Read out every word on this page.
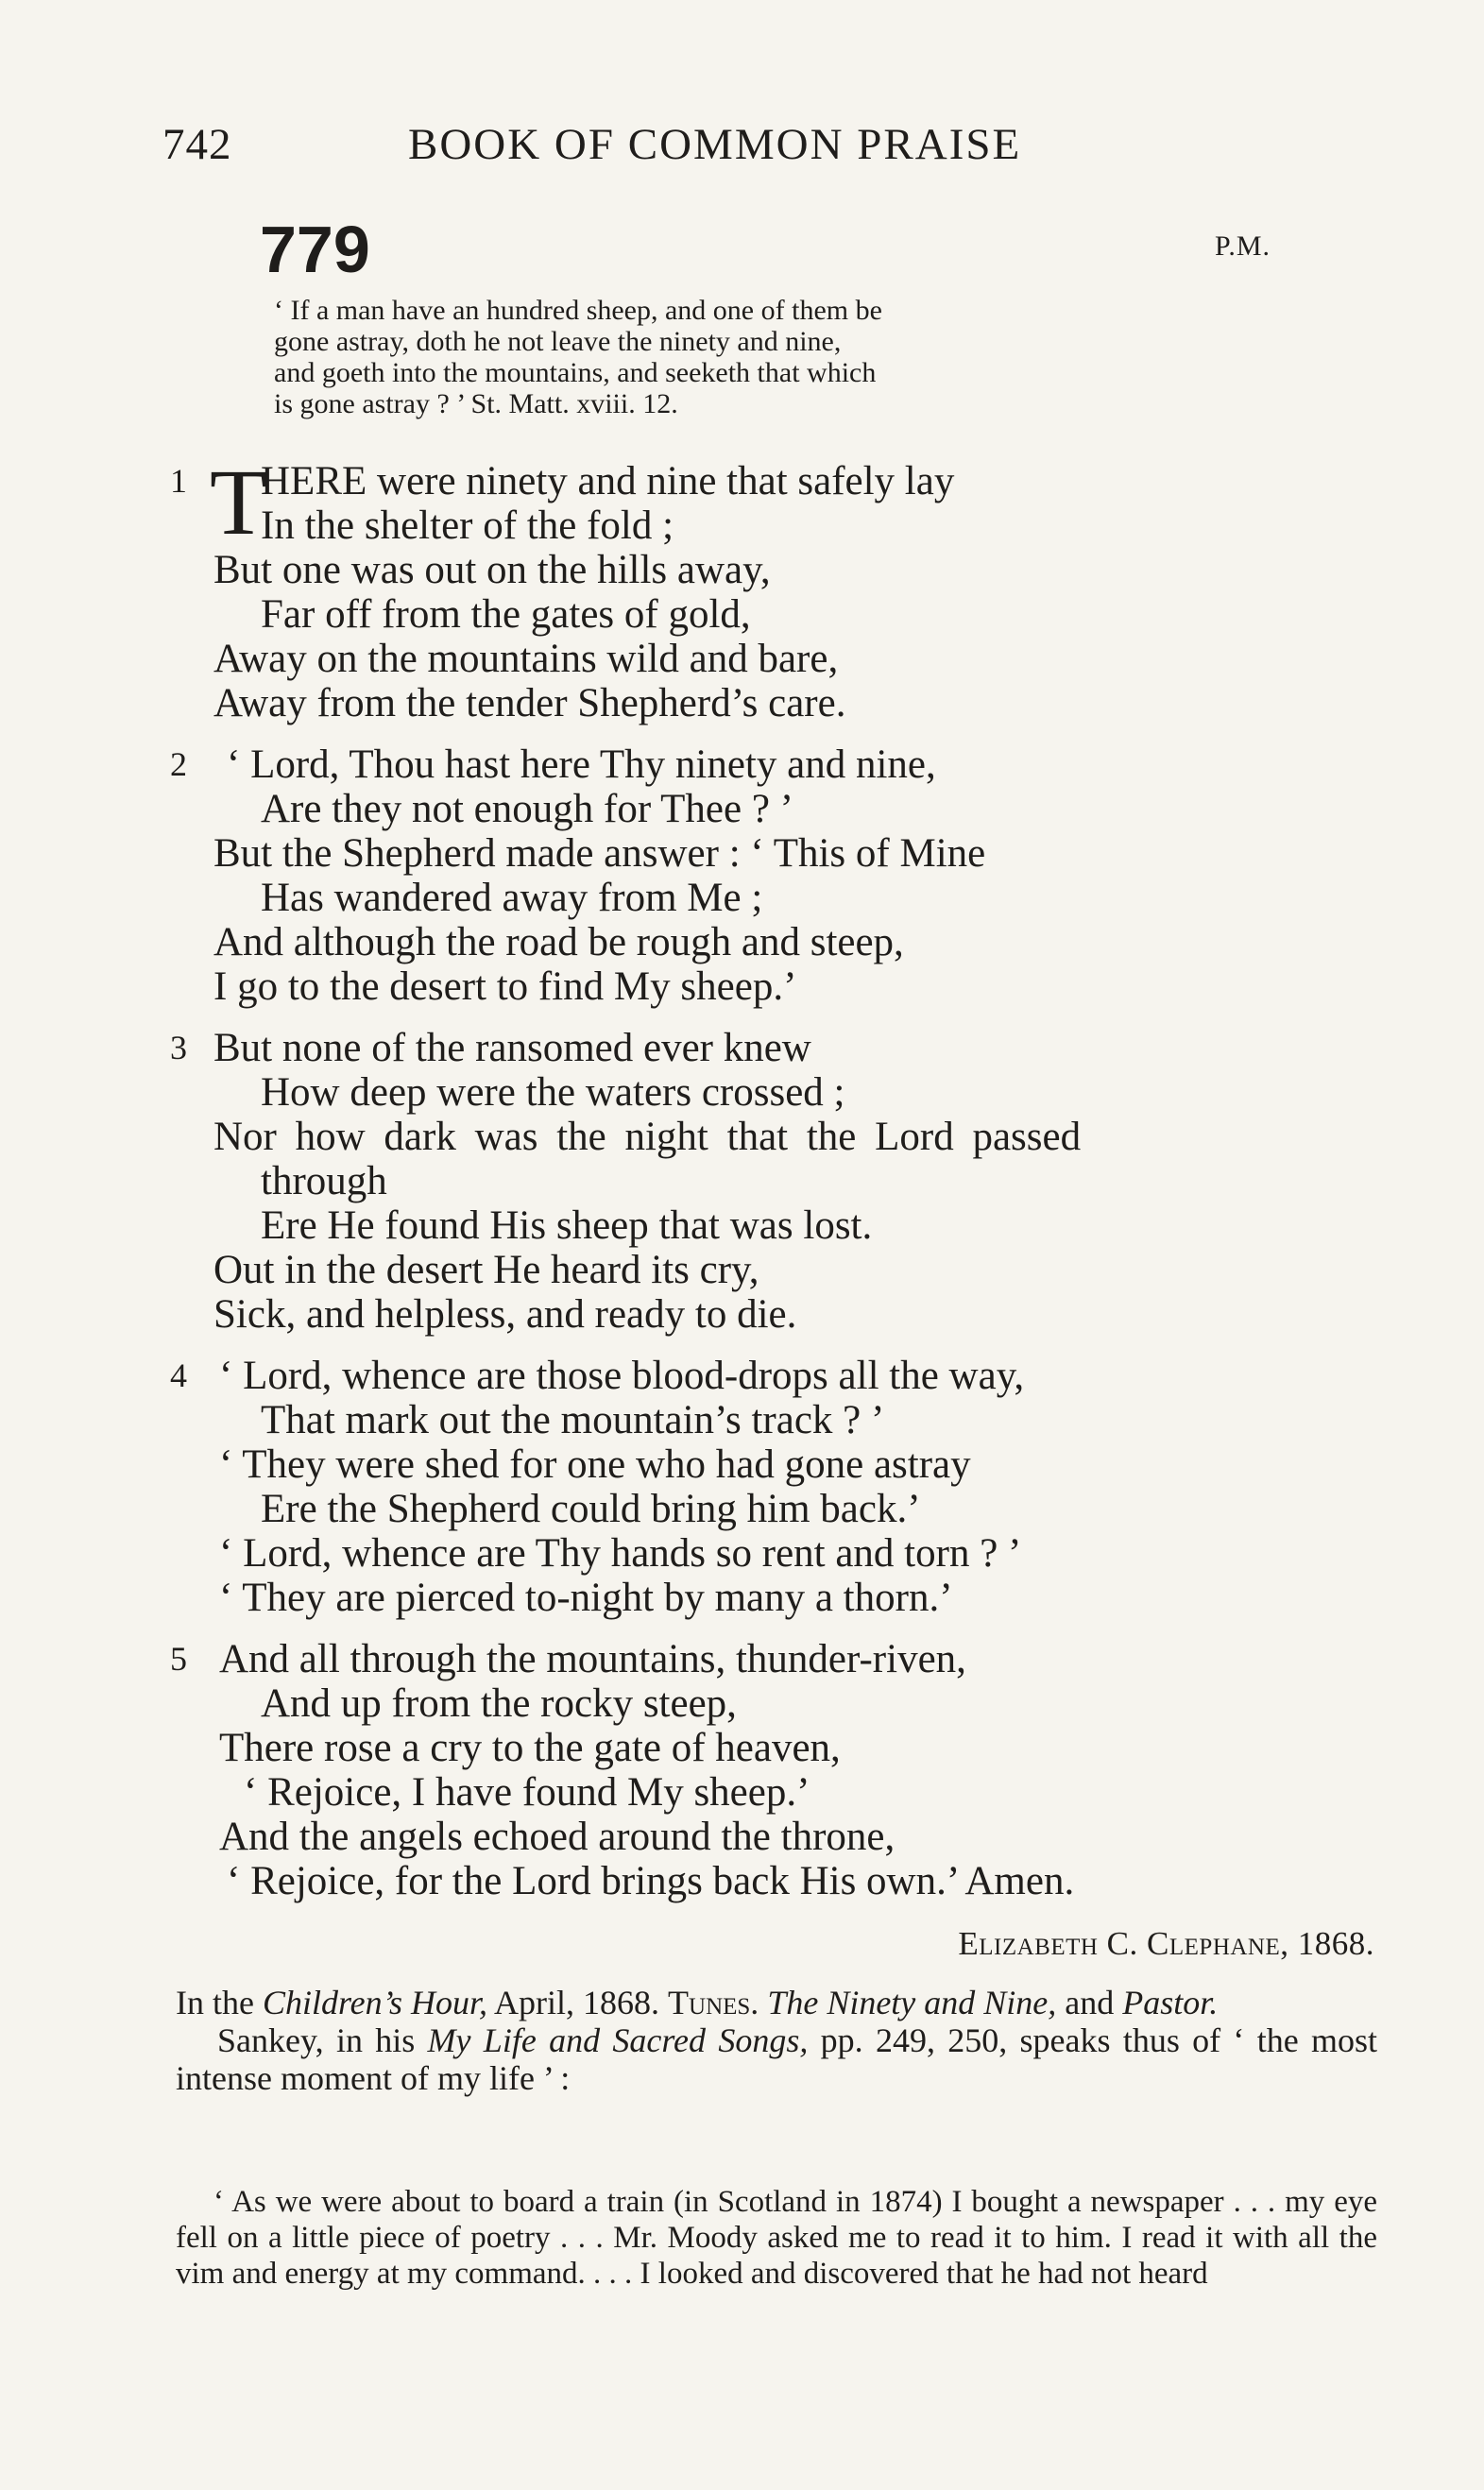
742	BOOK OF COMMON PRAISE
779	P.M.
‘ If a man have an hundred sheep, and one of them be
gone astray, doth he not leave the ninety and nine,
and goeth into the mountains, and seeketh that which
is gone astray ? ’ St. Matt. xviii. 12.
1 T
HERE were ninety and nine that safely lay
In the shelter of the fold ;
But one was out on the hills away,
Far off from the gates of gold,
Away on the mountains wild and bare,
Away from the tender Shepherd’s care.
2 ‘ Lord, Thou hast here Thy ninety and nine,
Are they not enough for Thee ? ’
But the Shepherd made answer : ‘ This of Mine
Has wandered away from Me ;
And although the road be rough and steep,
I go to the desert to find My sheep.’
3 But none of the ransomed ever knew
How deep were the waters crossed ;
Nor how dark was the night that the Lord passed
through
Ere He found His sheep that was lost.
Out in the desert He heard its cry,
Sick, and helpless, and ready to die.
4 ‘ Lord, whence are those blood-drops all the way,
That mark out the mountain’s track ? ’
‘ They were shed for one who had gone astray
Ere the Shepherd could bring him back.’
‘ Lord, whence are Thy hands so rent and torn ? ’
‘ They are pierced to-night by many a thorn.’
5 And all through the mountains, thunder-riven,
And up from the rocky steep,
There rose a cry to the gate of heaven,
‘ Rejoice, I have found My sheep.’
And the angels echoed around the throne,
‘ Rejoice, for the Lord brings back His own.’ Amen.
Elizabeth C. Clephane, 1868.

In the Children’s Hour, April, 1868. Tunes. The Ninety and Nine, and Pastor.

Sankey, in his My Life and Sacred Songs, pp. 249, 250, speaks thus of ‘ the most intense moment of my life ’ :

‘ As we were about to board a train (in Scotland in 1874) I bought a newspaper . . . my eye fell on a little piece of poetry . . . Mr. Moody asked me to read it to him. I read it with all the vim and energy at my command. . . . I looked and discovered that he had not heard
